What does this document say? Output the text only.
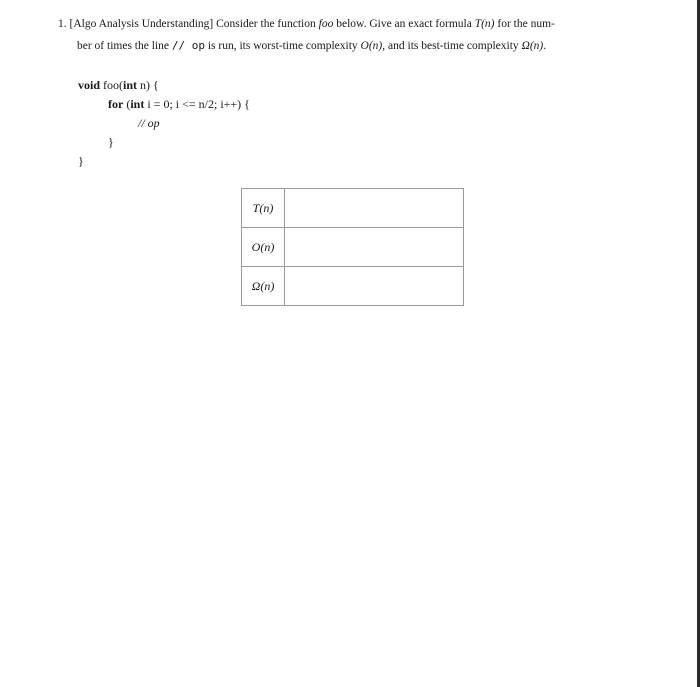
1. [Algo Analysis Understanding] Consider the function foo below. Give an exact formula T(n) for the num-
ber of times the line // op is run, its worst-time complexity O(n), and its best-time complexity Ω(n).
void foo(int n) {
for (int i = 0; i <= n/2; i++) {
// op
}
}
T(n)	
O(n)	
Ω(n)	
